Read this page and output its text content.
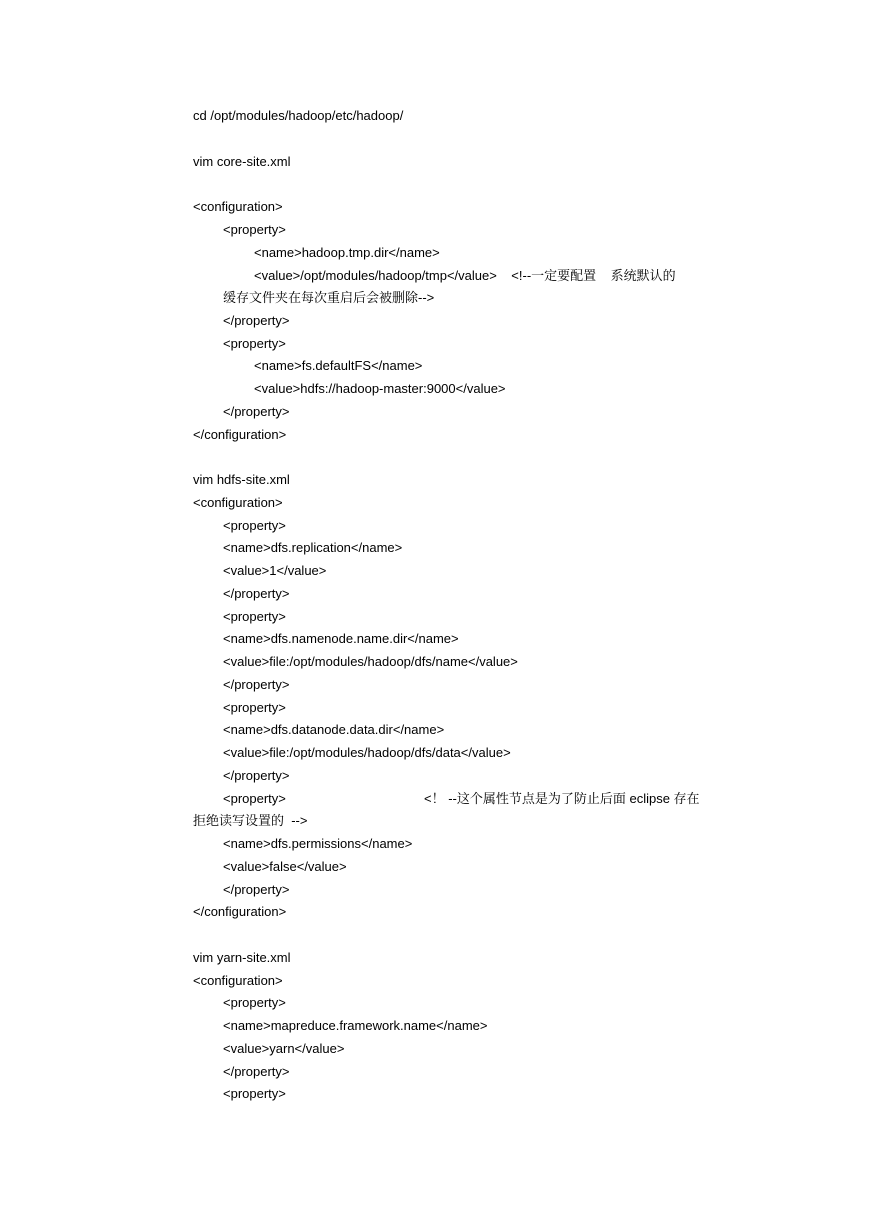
cd /opt/modules/hadoop/etc/hadoop/

vim core-site.xml

<configuration>

<property>

<name>hadoop.tmp.dir</name>

<value>/opt/modules/hadoop/tmp</value>    <!--一定要配置    系统默认的

缓存文件夹在每次重启后会被删除-->

</property>

<property>

<name>fs.defaultFS</name>

<value>hdfs://hadoop-master:9000</value>

</property>

</configuration>

vim hdfs-site.xml

<configuration>

<property>

<name>dfs.replication</name>

<value>1</value>

</property>

<property>

<name>dfs.namenode.name.dir</name>

<value>file:/opt/modules/hadoop/dfs/name</value>

</property>

<property>

<name>dfs.datanode.data.dir</name>

<value>file:/opt/modules/hadoop/dfs/data</value>

</property>

<property>	<！ --这个属性节点是为了防止后面 eclipse 存在

拒绝读写设置的  -->

<name>dfs.permissions</name>

<value>false</value>

</property>

</configuration>

vim yarn-site.xml

<configuration>

<property>

<name>mapreduce.framework.name</name>

<value>yarn</value>

</property>

<property>
